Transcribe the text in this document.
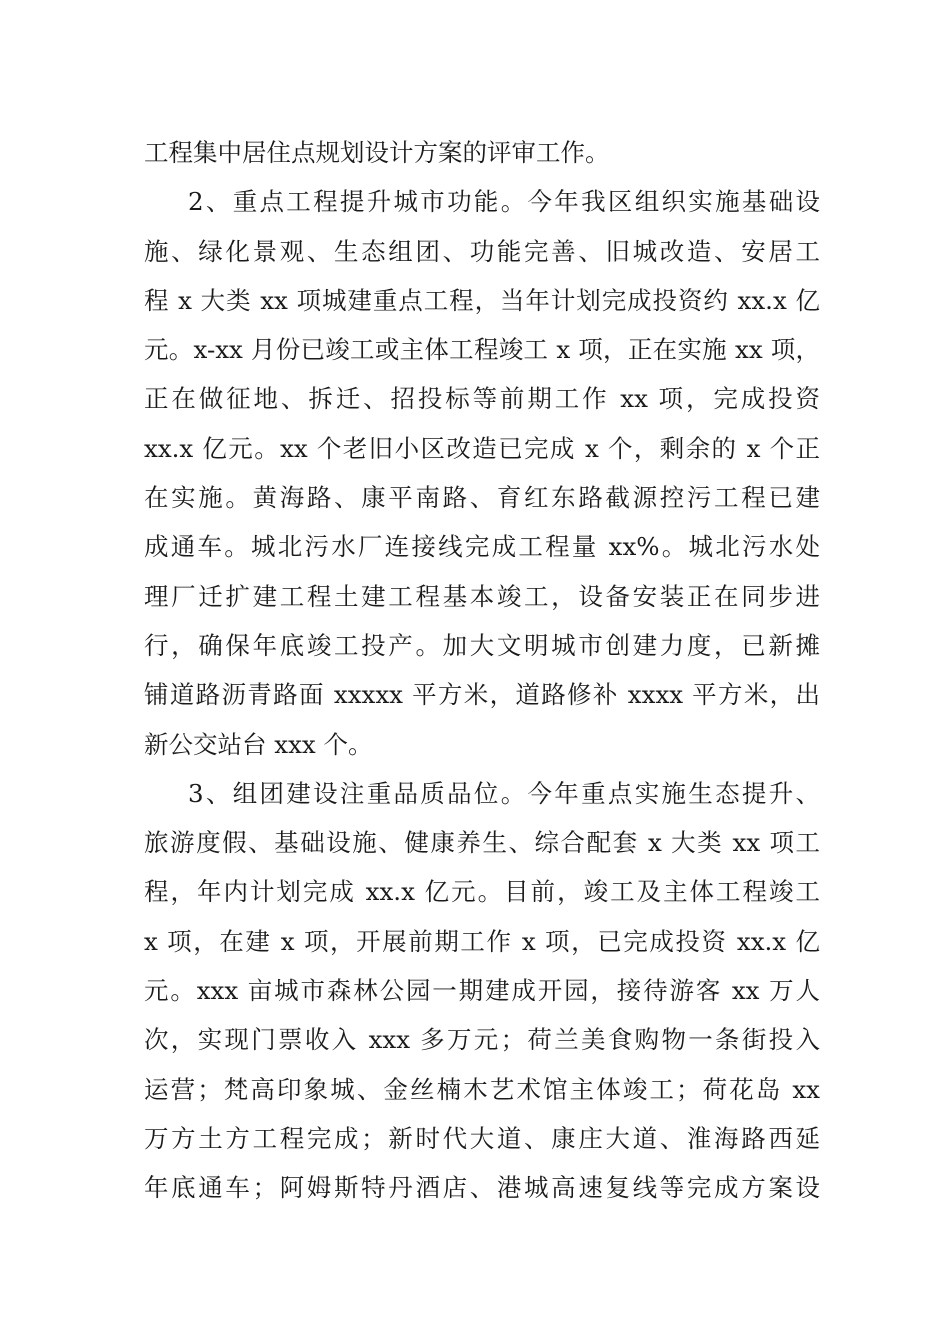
工程集中居住点规划设计方案的评审工作。
2、重点工程提升城市功能。今年我区组织实施基础设
施、绿化景观、生态组团、功能完善、旧城改造、安居工
程 x 大类 xx 项城建重点工程，当年计划完成投资约 xx.x 亿
元。x-xx 月份已竣工或主体工程竣工 x 项，正在实施 xx 项，
正在做征地、拆迁、招投标等前期工作 xx 项，完成投资
xx.x 亿元。xx 个老旧小区改造已完成 x 个，剩余的 x 个正
在实施。黄海路、康平南路、育红东路截源控污工程已建
成通车。城北污水厂连接线完成工程量 xx%。城北污水处
理厂迁扩建工程土建工程基本竣工，设备安装正在同步进
行，确保年底竣工投产。加大文明城市创建力度，已新摊
铺道路沥青路面 xxxxx 平方米，道路修补 xxxx 平方米，出
新公交站台 xxx 个。
3、组团建设注重品质品位。今年重点实施生态提升、
旅游度假、基础设施、健康养生、综合配套 x 大类 xx 项工
程，年内计划完成 xx.x 亿元。目前，竣工及主体工程竣工
x 项，在建 x 项，开展前期工作 x 项，已完成投资 xx.x 亿
元。xxx 亩城市森林公园一期建成开园，接待游客 xx 万人
次，实现门票收入 xxx 多万元；荷兰美食购物一条街投入
运营；梵高印象城、金丝楠木艺术馆主体竣工；荷花岛 xx
万方土方工程完成；新时代大道、康庄大道、淮海路西延
年底通车；阿姆斯特丹酒店、港城高速复线等完成方案设
